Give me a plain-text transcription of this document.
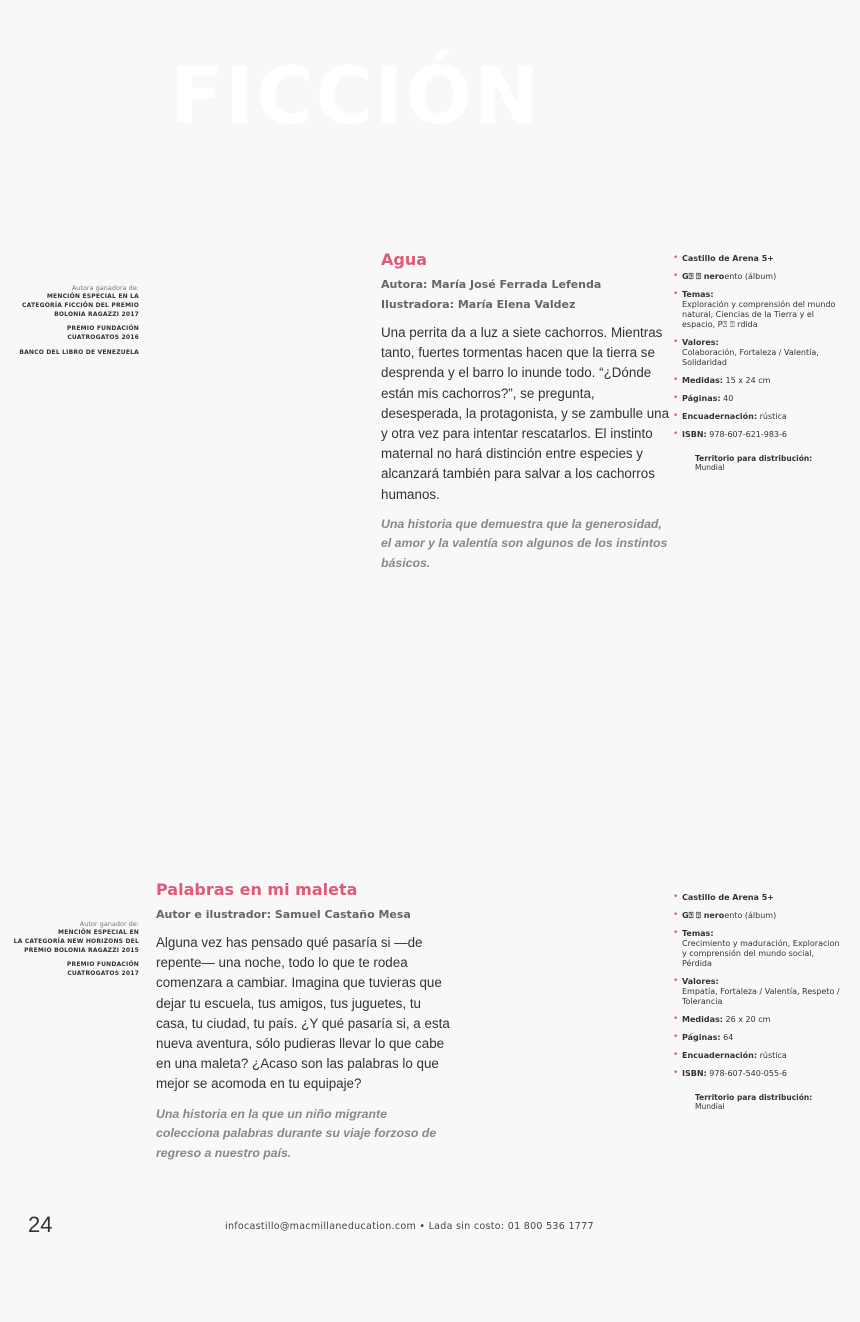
FICCIÓN
Autora ganadora de:
MENCIÓN ESPECIAL EN LA
CATEGORÍA FICCIÓN DEL PREMIO
BOLONIA RAGAZZI 2017
PREMIO FUNDACIÓN
CUATROGATOS 2016
BANCO DEL LIBRO DE VENEZUELA
Agua
Autora: María José Ferrada Lefenda
Ilustradora: María Elena Valdez
Una perrita da a luz a siete cachorros. Mientras tanto, fuertes tormentas hacen que la tierra se desprenda y el barro lo inunde todo. “¿Dónde están mis cachorros?”, se pregunta, desesperada, la protagonista, y se zambulle una y otra vez para intentar rescatarlos. El instinto maternal no hará distinción entre especies y alcanzará también para salvar a los cachorros humanos.
Una historia que demuestra que la generosidad, el amor y la valentía son algunos de los instintos básicos.
• Castillo de Arena 5+
• G⍰ ⍰ neroento (álbum)
• Temas:
Exploración y comprensión del mundo natural, Ciencias de la Tierra y el espacio, P⍰ ⍰ rdida
• Valores:
Colaboración, Fortaleza / Valentía, Solidaridad
• Medidas: 15 x 24 cm
• Páginas: 40
• Encuadernación: rústica
• ISBN: 978-607-621-983-6
Territorio para distribución: Mundial
Autor ganador de:
MENCIÓN ESPECIAL EN
LA CATEGORÍA NEW HORIZONS DEL
PREMIO BOLONIA RAGAZZI 2015
PREMIO FUNDACIÓN
CUATROGATOS 2017
Palabras en mi maleta
Autor e ilustrador: Samuel Castaño Mesa
Alguna vez has pensado qué pasaría si —de repente— una noche, todo lo que te rodea comenzara a cambiar. Imagina que tuvieras que dejar tu escuela, tus amigos, tus juguetes, tu casa, tu ciudad, tu país. ¿Y qué pasaría si, a esta nueva aventura, sólo pudieras llevar lo que cabe en una maleta? ¿Acaso son las palabras lo que mejor se acomoda en tu equipaje?
Una historia en la que un niño migrante colecciona palabras durante su viaje forzoso de regreso a nuestro país.
• Castillo de Arena 5+
• G⍰ ⍰ neroento (álbum)
• Temas:
Crecimiento y maduración, Exploracion y comprensión del mundo social, Pérdida
• Valores:
Empatía, Fortaleza / Valentía, Respeto / Tolerancia
• Medidas: 26 x 20 cm
• Páginas: 64
• Encuadernación: rústica
• ISBN: 978-607-540-055-6
Territorio para distribución: Mundial
24	infocastillo@macmillaneducation.com • Lada sin costo: 01 800 536 1777
